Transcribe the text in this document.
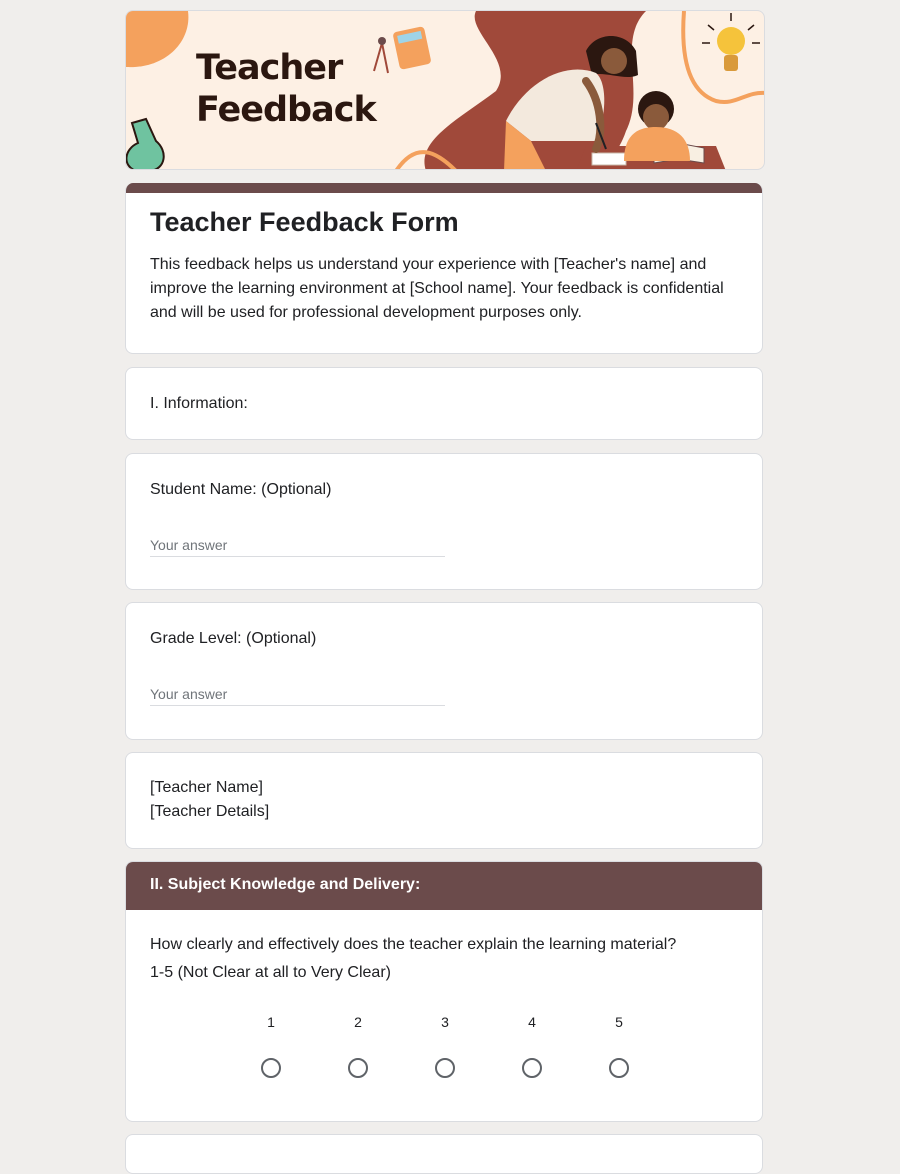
Teacher Feedback
Teacher Feedback Form
This feedback helps us understand your experience with [Teacher's name] and improve the learning environment at [School name]. Your feedback is confidential and will be used for professional development purposes only.
I. Information:
Student Name: (Optional)
Your answer
Grade Level: (Optional)
Your answer
[Teacher Name]
[Teacher Details]
II. Subject Knowledge and Delivery:
How clearly and effectively does the teacher explain the learning material?
1-5 (Not Clear at all to Very Clear)
1	2	3	4	5
